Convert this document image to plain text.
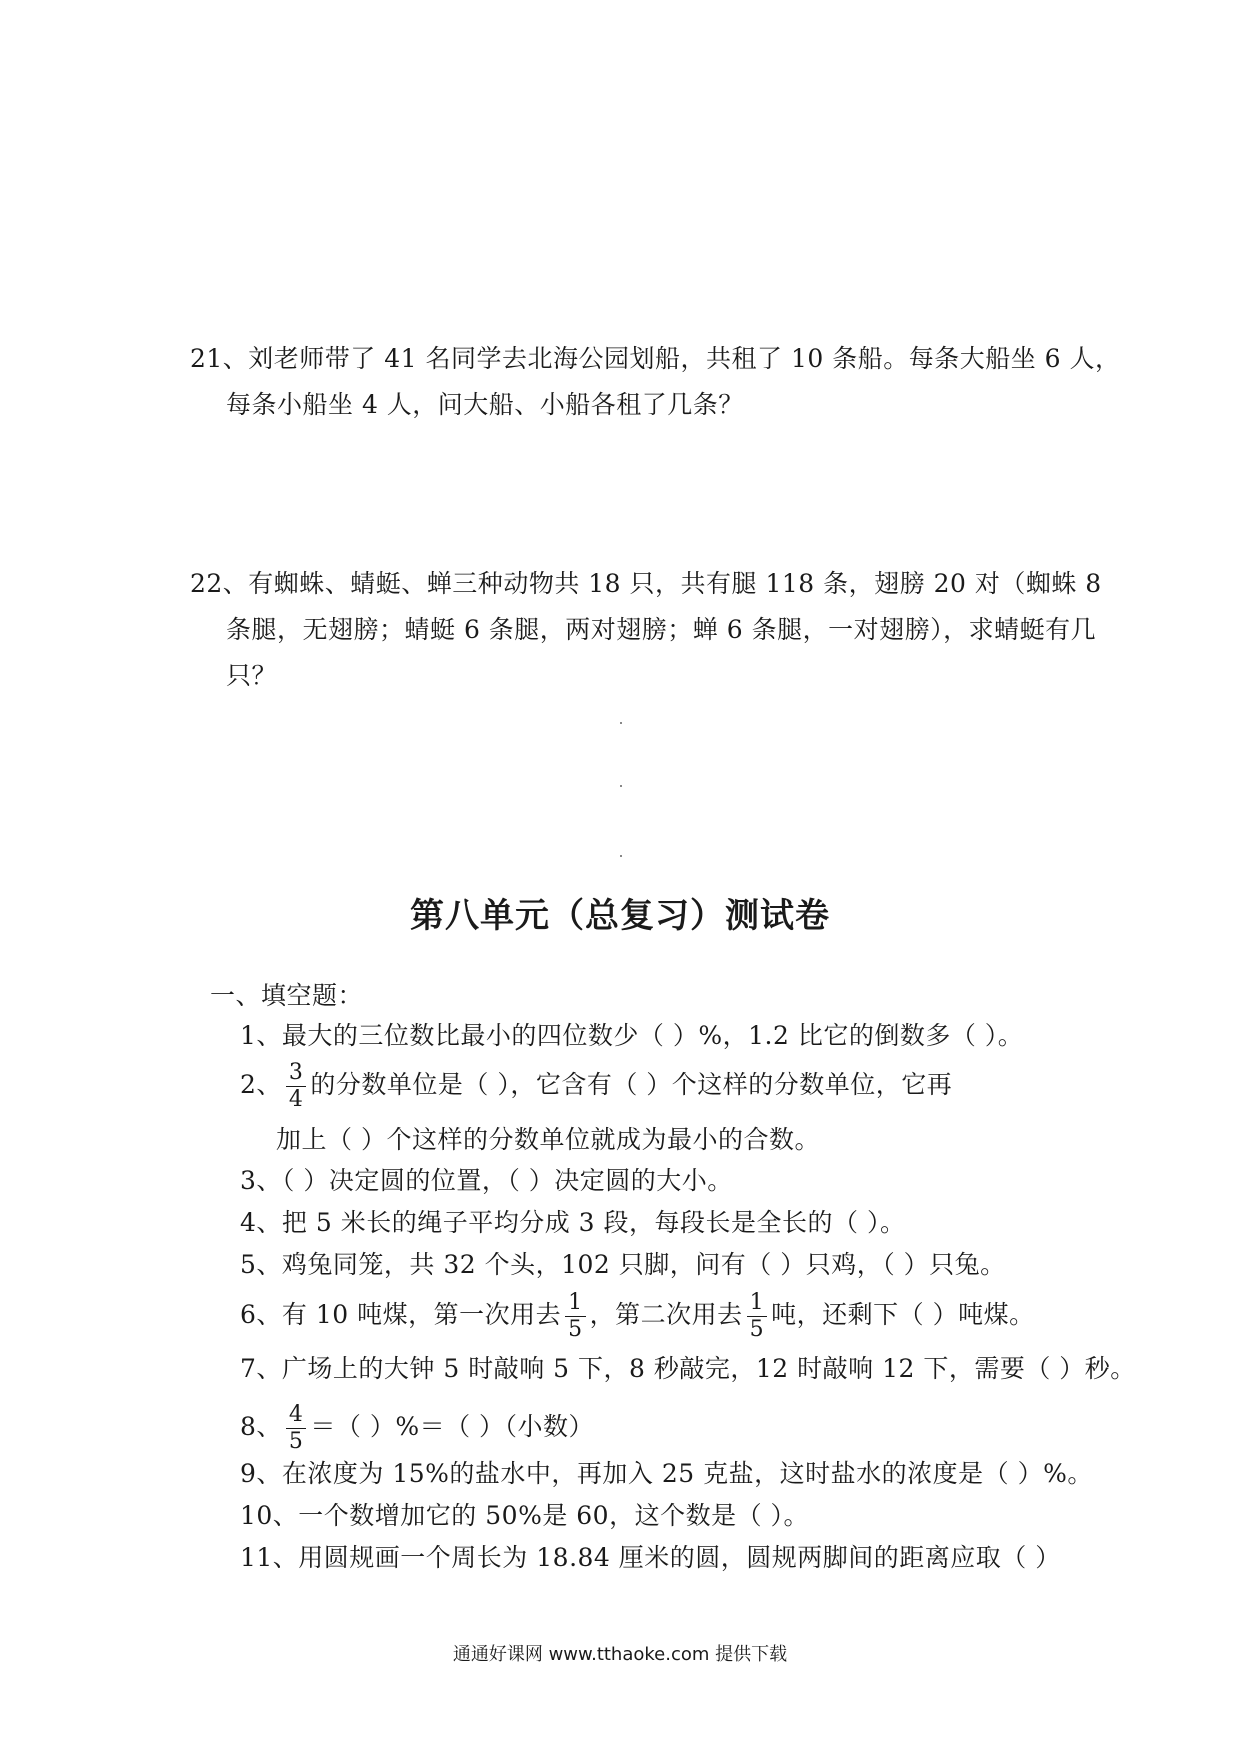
21、刘老师带了 41 名同学去北海公园划船，共租了 10 条船。每条大船坐 6 人，
每条小船坐 4 人，问大船、小船各租了几条？
22、有蜘蛛、蜻蜓、蝉三种动物共 18 只，共有腿 118 条，翅膀 20 对（蜘蛛 8
条腿，无翅膀；蜻蜓 6 条腿，两对翅膀；蝉 6 条腿，一对翅膀），求蜻蜓有几
只？
第八单元（总复习）测试卷
一、填空题：
1、最大的三位数比最小的四位数少（ ）%，1.2 比它的倒数多（ ）。
2、 $\frac{3}{4}$ 的分数单位是（ ），它含有（ ）个这样的分数单位，它再
加上（ ）个这样的分数单位就成为最小的合数。
3、（ ）决定圆的位置，（ ）决定圆的大小。
4、把 5 米长的绳子平均分成 3 段，每段长是全长的（ ）。
5、鸡兔同笼，共 32 个头，102 只脚，问有（ ）只鸡，（ ）只兔。
6、有 10 吨煤，第一次用去 $\frac{1}{5}$ ，第二次用去 $\frac{1}{5}$ 吨，还剩下（ ）吨煤。
7、广场上的大钟 5 时敲响 5 下，8 秒敲完，12 时敲响 12 下，需要（ ）秒。
8、 $\frac{4}{5}$ ＝（ ）%＝（ ）（小数）
9、在浓度为 15%的盐水中，再加入 25 克盐，这时盐水的浓度是（ ）%。
10、一个数增加它的 50%是 60，这个数是（ ）。
11、用圆规画一个周长为 18.84 厘米的圆，圆规两脚间的距离应取（ ）
通通好课网 www.tthaoke.com 提供下载
